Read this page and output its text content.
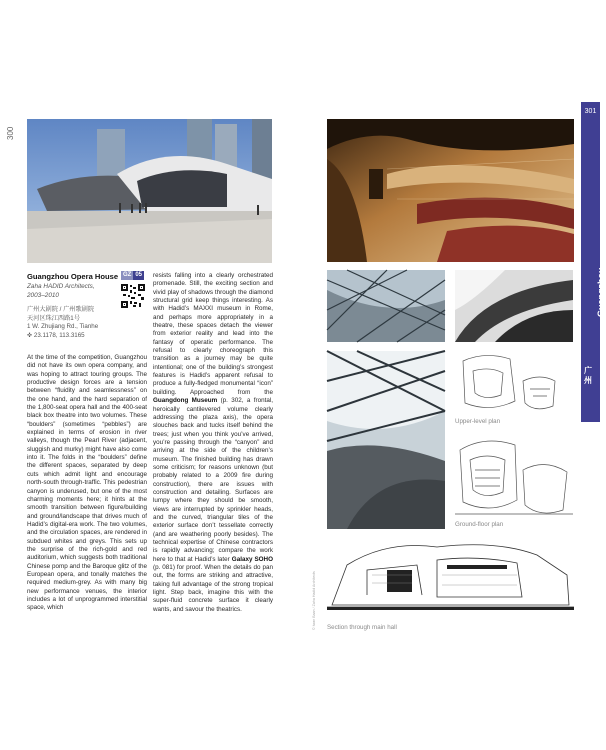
300
Guangzhou Opera House
Zaha HADID Architects,
2003–2010
广州大剧院 / 广州歌剧院
天河区珠江西路1号
1 W. Zhujiang Rd., Tianhe
✜ 23.1178, 113.3165
GZ 05
At the time of the competition, Guangzhou did not have its own opera company, and was hoping to attract touring groups. The productive design forces are a tension between “fluidity and seamlessness” on the one hand, and the hard separation of the 1,800-seat opera hall and the 400-seat black box theatre into two volumes. These “boulders” (sometimes “pebbles”) are explained in terms of erosion in river valleys, though the Pearl River (adjacent, sluggish and murky) might have also come into it. The folds in the “boulders” define the different spaces, separated by deep cuts which admit light and encourage north-south through-traffic. This pedestrian canyon is underused, but one of the most charming moments here; it hints at the smooth transition between figure/building and ground/landscape that drives much of Hadid’s digital-era work. The two volumes, and the circulation spaces, are rendered in subdued whites and greys. This sets up the surprise of the rich-gold and red auditorium, which suggests both traditional Chinese pomp and the Baroque glitz of the European opera, and tonally matches the required medium-grey. As with many big new performance venues, the interior includes a lot of unprogrammed interstitial space, which
resists falling into a clearly orchestrated promenade. Still, the exciting section and vivid play of shadows through the diamond structural grid keep things interesting. As with Hadid’s MAXXI museum in Rome, and perhaps more appropriately in a theatre, these spaces detach the viewer from exterior reality and lead into the fantasy of operatic performance. The refusal to clearly choreograph this transition as a journey may be quite intentional; one of the building’s strongest features is Hadid’s apparent refusal to produce a fully-fledged monumental “icon” building. Approached from the Guangdong Museum (p. 302, a frontal, heroically cantilevered volume clearly addressing the plaza axis), the opera slouches back and tucks itself behind the trees; just when you think you’ve arrived, you’re passing through the “canyon” and arriving at the side of the children’s museum. The finished building has drawn some criticism; for reasons unknown (but probably related to a 2009 fire during construction), there are issues with construction and detailing. Surfaces are lumpy where they should be smooth, views are interrupted by sprinkler heads, and the curved, triangular tiles of the exterior surface don’t tessellate correctly (and are weathering poorly besides). The technical expertise of Chinese contractors is rapidly advancing; compare the work here to that at Hadid’s later Galaxy SOHO (p. 081) for proof. When the details do pan out, the forms are striking and attractive, taking full advantage of the strong tropical light. Step back, imagine this with the super-fluid concrete surface it clearly wants, and savour the theatrics.
Upper-level plan
Ground-floor plan
Section through main hall
© Iwan Baan / Zaha Hadid Architects
301
Guangzhou
广州
